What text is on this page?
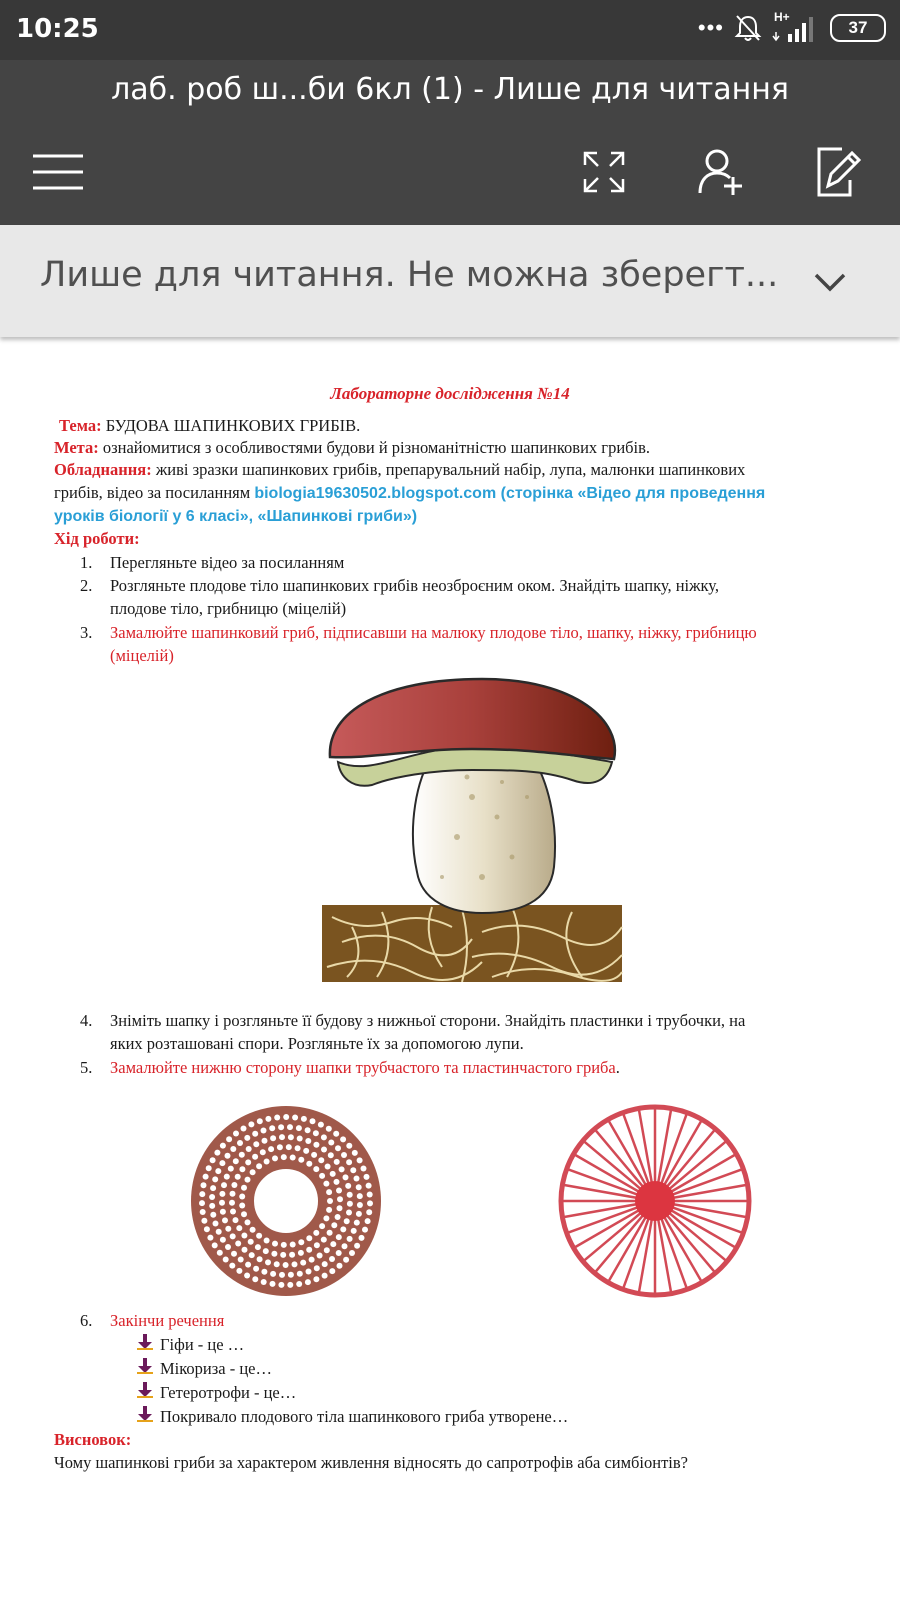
10:25	•••	H+
37
лаб. роб ш...би 6кл (1) - Лише для читання
Лише для читання. Не можна зберегт...
Лабораторне дослідження №14
Тема: БУДОВА ШАПИНКОВИХ ГРИБІВ.
Мета: ознайомитися з особливостями будови й різноманітністю шапинкових грибів.
Обладнання: живі зразки шапинкових грибів, препарувальний набір, лупа, малюнки шапинкових
грибів, відео за посиланням biologia19630502.blogspot.com (сторінка «Відео для проведення
уроків біології у 6 класі», «Шапинкові гриби»)
Хід роботи:
1. Перегляньте відео за посиланням
2. Розгляньте плодове тіло шапинкових грибів неозброєним оком. Знайдіть шапку, ніжку,
плодове тіло, грибницю (міцелій)
3. Замалюйте шапинковий гриб, підписавши на малюку плодове тіло, шапку, ніжку, грибницю
(міцелій)
4. Зніміть шапку і розгляньте її будову з нижньої сторони. Знайдіть пластинки і трубочки, на
яких розташовані спори. Розгляньте їх за допомогою лупи.
5. Замалюйте нижню сторону шапки трубчастого та пластинчастого гриба.
6. Закінчи речення
Гіфи - це …
Мікориза - це…
Гетеротрофи - це…
Покривало плодового тіла шапинкового гриба утворене…
Висновок:
Чому шапинкові гриби за характером живлення відносять до сапротрофів аба симбіонтів?
